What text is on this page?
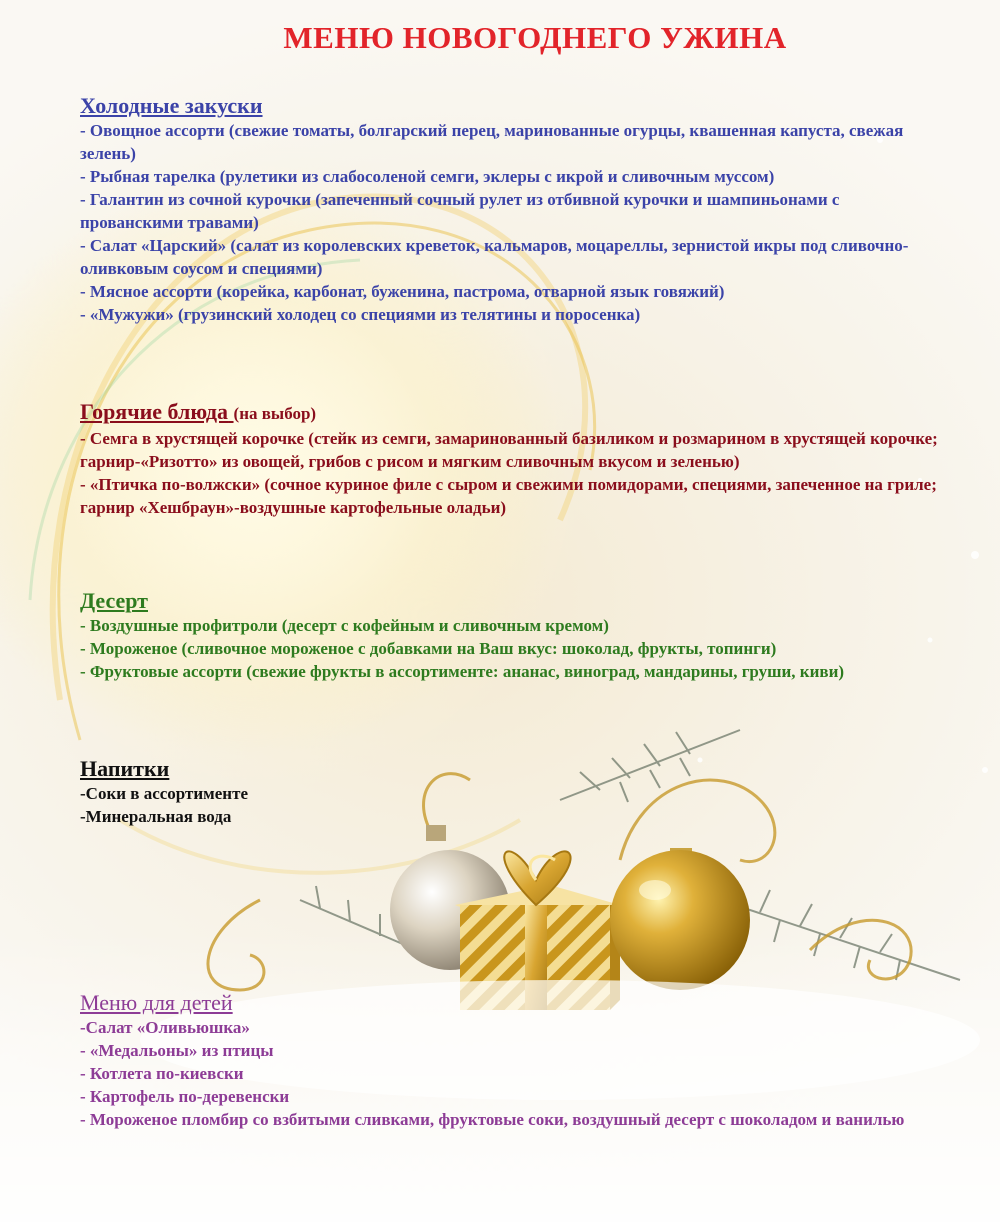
МЕНЮ НОВОГОДНЕГО УЖИНА
Холодные закуски

- Овощное ассорти (свежие томаты, болгарский перец, маринованные огурцы, квашенная капуста, свежая зелень)

- Рыбная тарелка (рулетики из слабосоленой семги, эклеры с икрой и сливочным муссом)

- Галантин из сочной курочки (запеченный сочный рулет из отбивной курочки и шампиньонами с прованскими травами)

- Салат «Царский» (салат из королевских креветок, кальмаров, моцареллы, зернистой икры под сливочно-оливковым соусом и специями)

- Мясное ассорти (корейка, карбонат, буженина, пастрома, отварной язык говяжий)

- «Мужужи» (грузинский холодец со специями из телятины и поросенка)

Горячие блюда (на выбор)

- Семга в хрустящей корочке (стейк из семги, замаринованный базиликом и розмарином в хрустящей корочке; гарнир-«Ризотто» из овощей, грибов с рисом и мягким сливочным вкусом и зеленью)

- «Птичка по-волжски» (сочное куриное филе с сыром и свежими помидорами, специями, запеченное на гриле; гарнир «Хешбраун»-воздушные картофельные оладьи)

Десерт

- Воздушные профитроли (десерт с кофейным и сливочным кремом)

- Мороженое (сливочное мороженое с добавками на Ваш вкус: шоколад, фрукты, топинги)

- Фруктовые ассорти (свежие фрукты в ассортименте: ананас, виноград, мандарины, груши, киви)

Напитки

-Соки в ассортименте

-Минеральная вода

Меню для детей

-Салат «Оливьюшка»

- «Медальоны» из птицы

- Котлета по-киевски

- Картофель по-деревенски

- Мороженое пломбир со взбитыми сливками, фруктовые соки, воздушный десерт с шоколадом и ванилью
